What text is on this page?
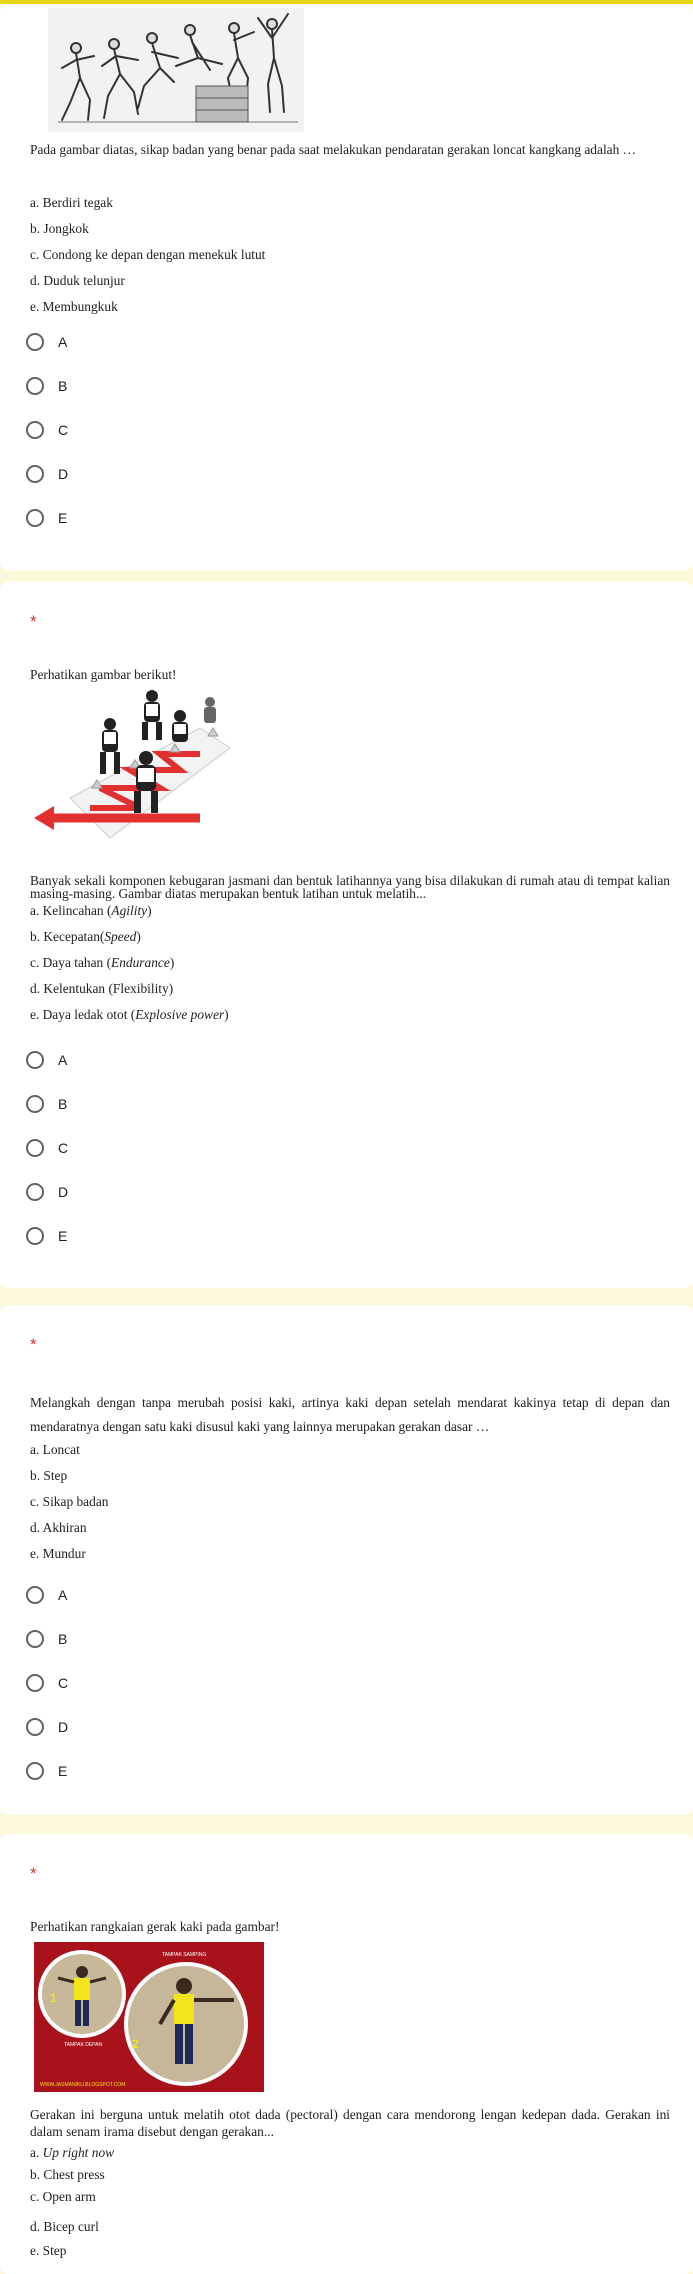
Pada gambar diatas, sikap badan yang benar pada saat melakukan pendaratan gerakan loncat kangkang adalah …

a. Berdiri tegak
b. Jongkok
c. Condong ke depan dengan menekuk lutut
d. Duduk telunjur
e. Membungkuk
A
B
C
D
E
*
Perhatikan gambar berikut!

Banyak sekali komponen kebugaran jasmani dan bentuk latihannya yang bisa dilakukan di rumah atau di tempat kalian masing-masing. Gambar diatas merupakan bentuk latihan untuk melatih...

a. Kelincahan (Agility)
b. Kecepatan(Speed)
c. Daya tahan (Endurance)
d. Kelentukan (Flexibility)
e. Daya ledak otot (Explosive power)
A
B
C
D
E
*

Melangkah dengan tanpa merubah posisi kaki, artinya kaki depan setelah mendarat kakinya tetap di depan dan mendaratnya dengan satu kaki disusul kaki yang lainnya merupakan gerakan dasar …

a. Loncat
b. Step
c. Sikap badan
d. Akhiran
e. Mundur
A
B
C
D
E
*
Perhatikan rangkaian gerak kaki pada gambar!
1
2
TAMPAK SAMPING
TAMPAK DEPAN
WWW.JASMANIKU.BLOGSPOT.COM

Gerakan ini berguna untuk melatih otot dada (pectoral) dengan cara mendorong lengan kedepan dada. Gerakan ini dalam senam irama disebut dengan gerakan...

a. Up right now
b. Chest press
c. Open arm
d. Bicep curl
e. Step
